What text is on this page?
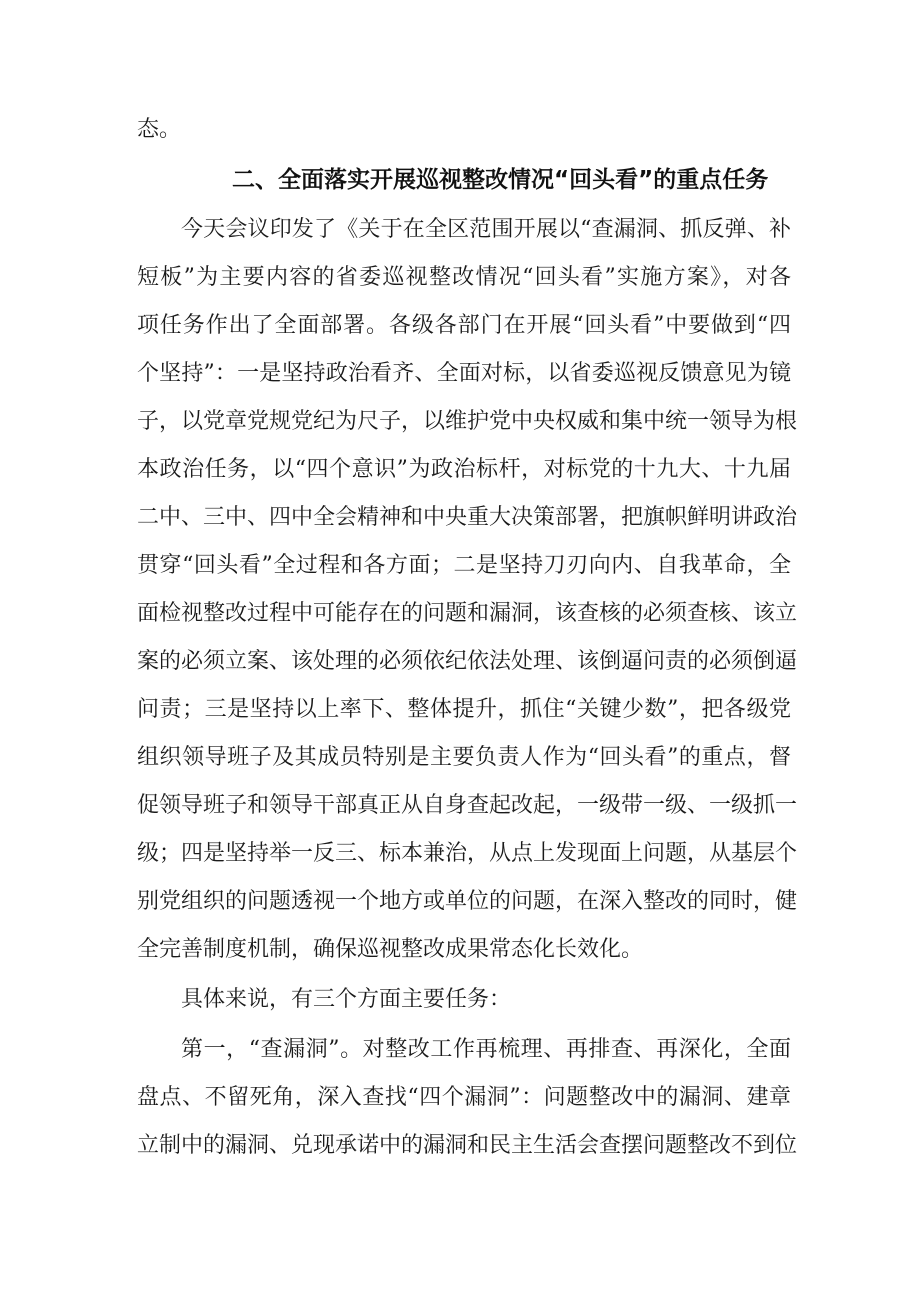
态。
二、全面落实开展巡视整改情况“回头看”的重点任务
今天会议印发了《关于在全区范围开展以“查漏洞、抓反弹、补
短板”为主要内容的省委巡视整改情况“回头看”实施方案》，对各
项任务作出了全面部署。各级各部门在开展“回头看”中要做到“四
个坚持”：一是坚持政治看齐、全面对标，以省委巡视反馈意见为镜
子，以党章党规党纪为尺子，以维护党中央权威和集中统一领导为根
本政治任务，以“四个意识”为政治标杆，对标党的十九大、十九届
二中、三中、四中全会精神和中央重大决策部署，把旗帜鲜明讲政治
贯穿“回头看”全过程和各方面；二是坚持刀刃向内、自我革命，全
面检视整改过程中可能存在的问题和漏洞，该查核的必须查核、该立
案的必须立案、该处理的必须依纪依法处理、该倒逼问责的必须倒逼
问责；三是坚持以上率下、整体提升，抓住“关键少数”，把各级党
组织领导班子及其成员特别是主要负责人作为“回头看”的重点，督
促领导班子和领导干部真正从自身查起改起，一级带一级、一级抓一
级；四是坚持举一反三、标本兼治，从点上发现面上问题，从基层个
别党组织的问题透视一个地方或单位的问题，在深入整改的同时，健
全完善制度机制，确保巡视整改成果常态化长效化。
具体来说，有三个方面主要任务：
第一，“查漏洞”。对整改工作再梳理、再排查、再深化，全面
盘点、不留死角，深入查找“四个漏洞”：问题整改中的漏洞、建章
立制中的漏洞、兑现承诺中的漏洞和民主生活会查摆问题整改不到位
